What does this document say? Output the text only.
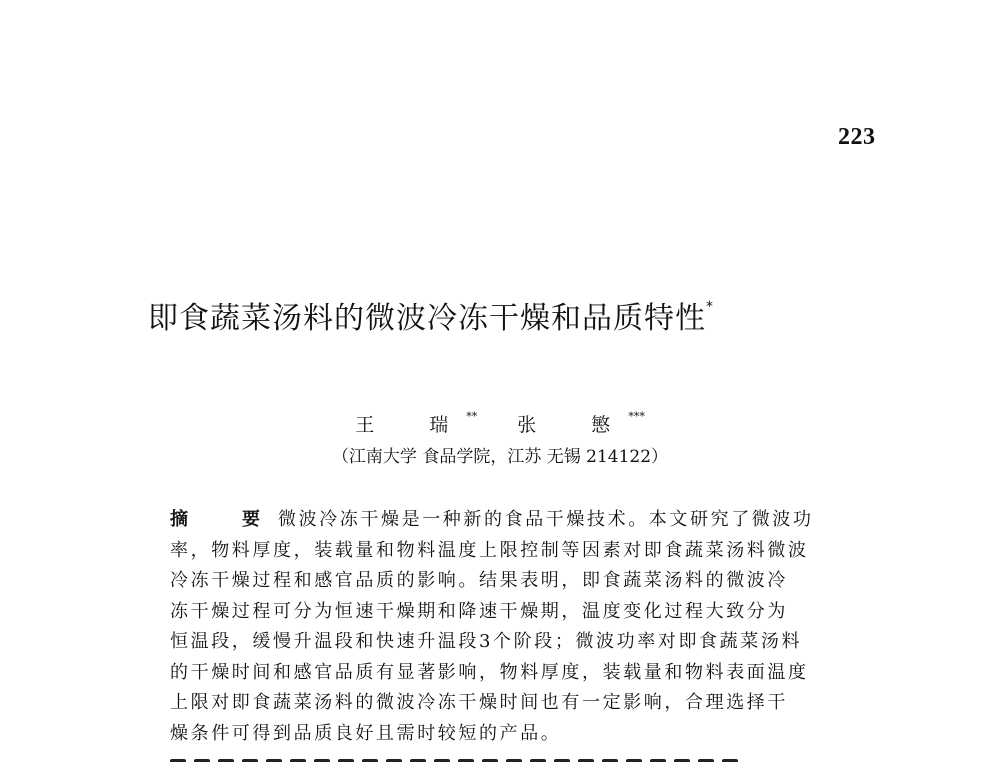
223
即食蔬菜汤料的微波冷冻干燥和品质特性*
王　瑞** 张　慜***
（江南大学 食品学院，江苏 无锡 214122）
摘　要微波冷冻干燥是一种新的食品干燥技术。本文研究了微波功
率，物料厚度，装载量和物料温度上限控制等因素对即食蔬菜汤料微波
冷冻干燥过程和感官品质的影响。结果表明，即食蔬菜汤料的微波冷
冻干燥过程可分为恒速干燥期和降速干燥期，温度变化过程大致分为
恒温段，缓慢升温段和快速升温段3个阶段；微波功率对即食蔬菜汤料
的干燥时间和感官品质有显著影响，物料厚度，装载量和物料表面温度
上限对即食蔬菜汤料的微波冷冻干燥时间也有一定影响，合理选择干
燥条件可得到品质良好且需时较短的产品。
